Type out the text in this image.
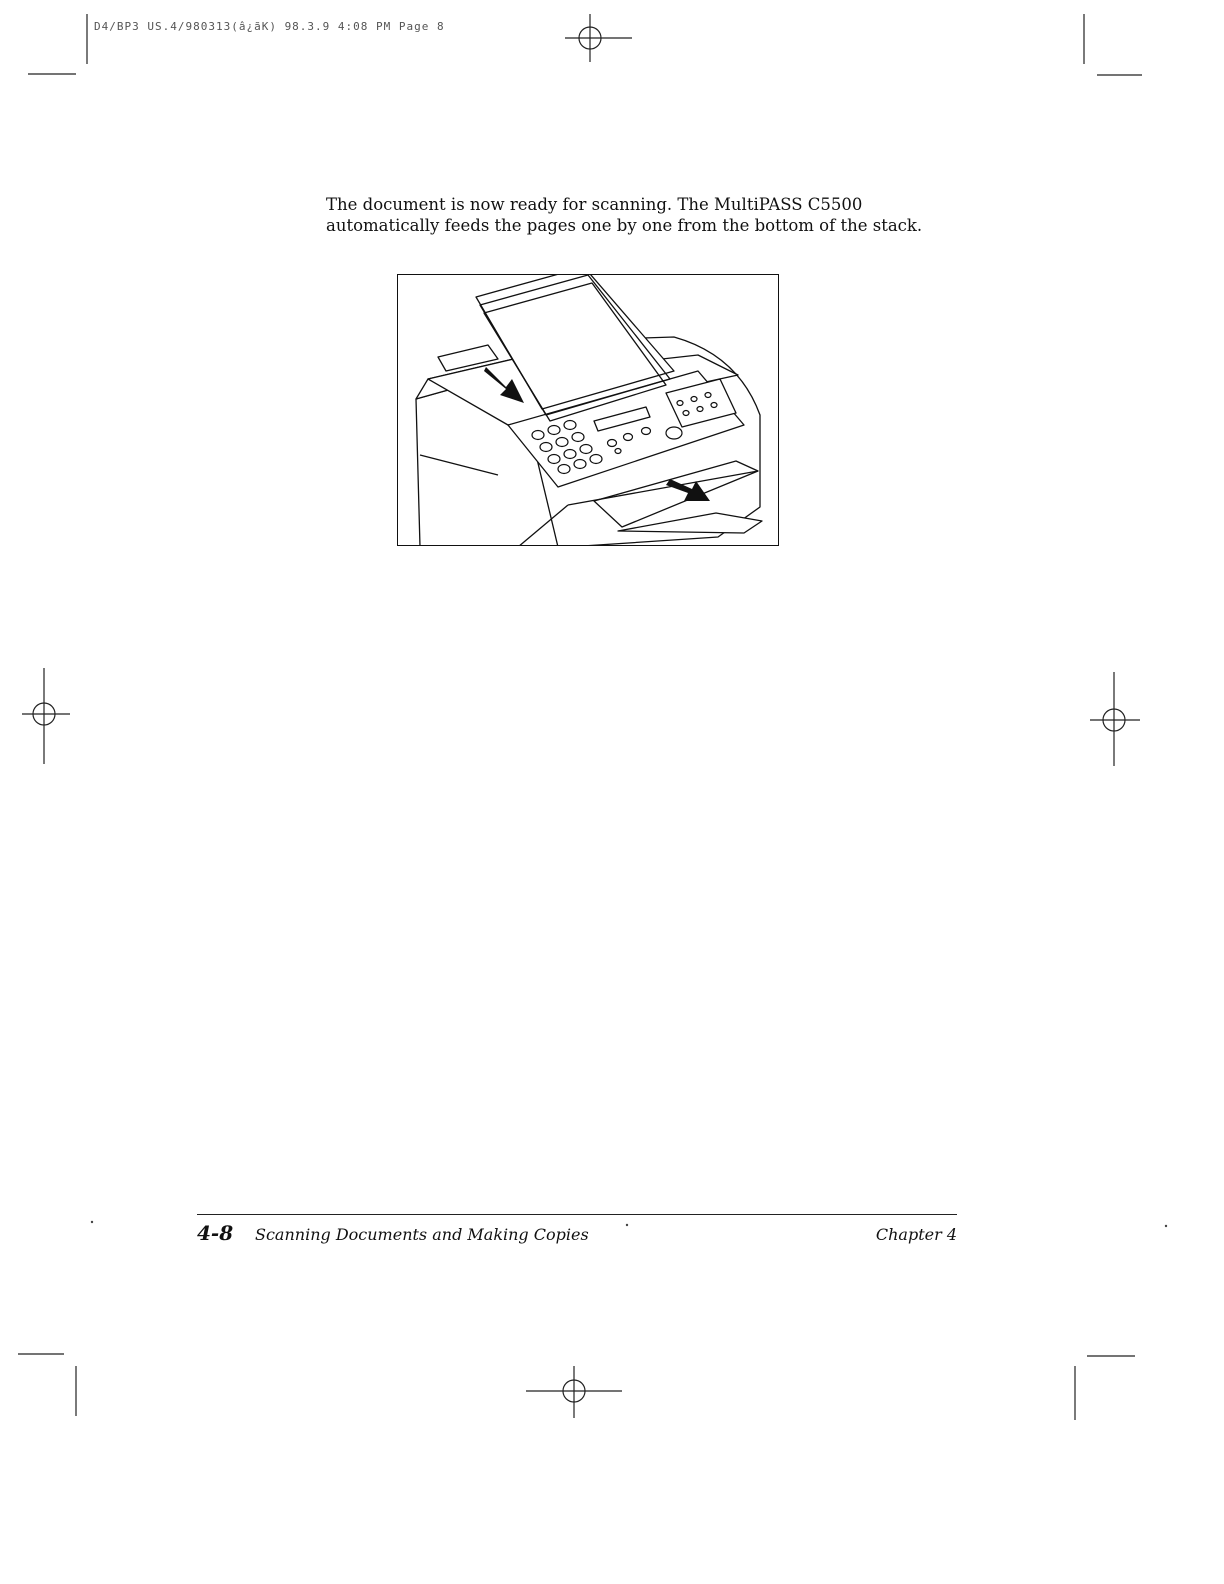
D4/BP3 US.4/980313(â¿ãK) 98.3.9 4:08 PM Page 8

The document is now ready for scanning. The MultiPASS C5500

automatically feeds the pages one by one from the bottom of the stack.

4-8 Scanning Documents and Making Copies	Chapter 4
